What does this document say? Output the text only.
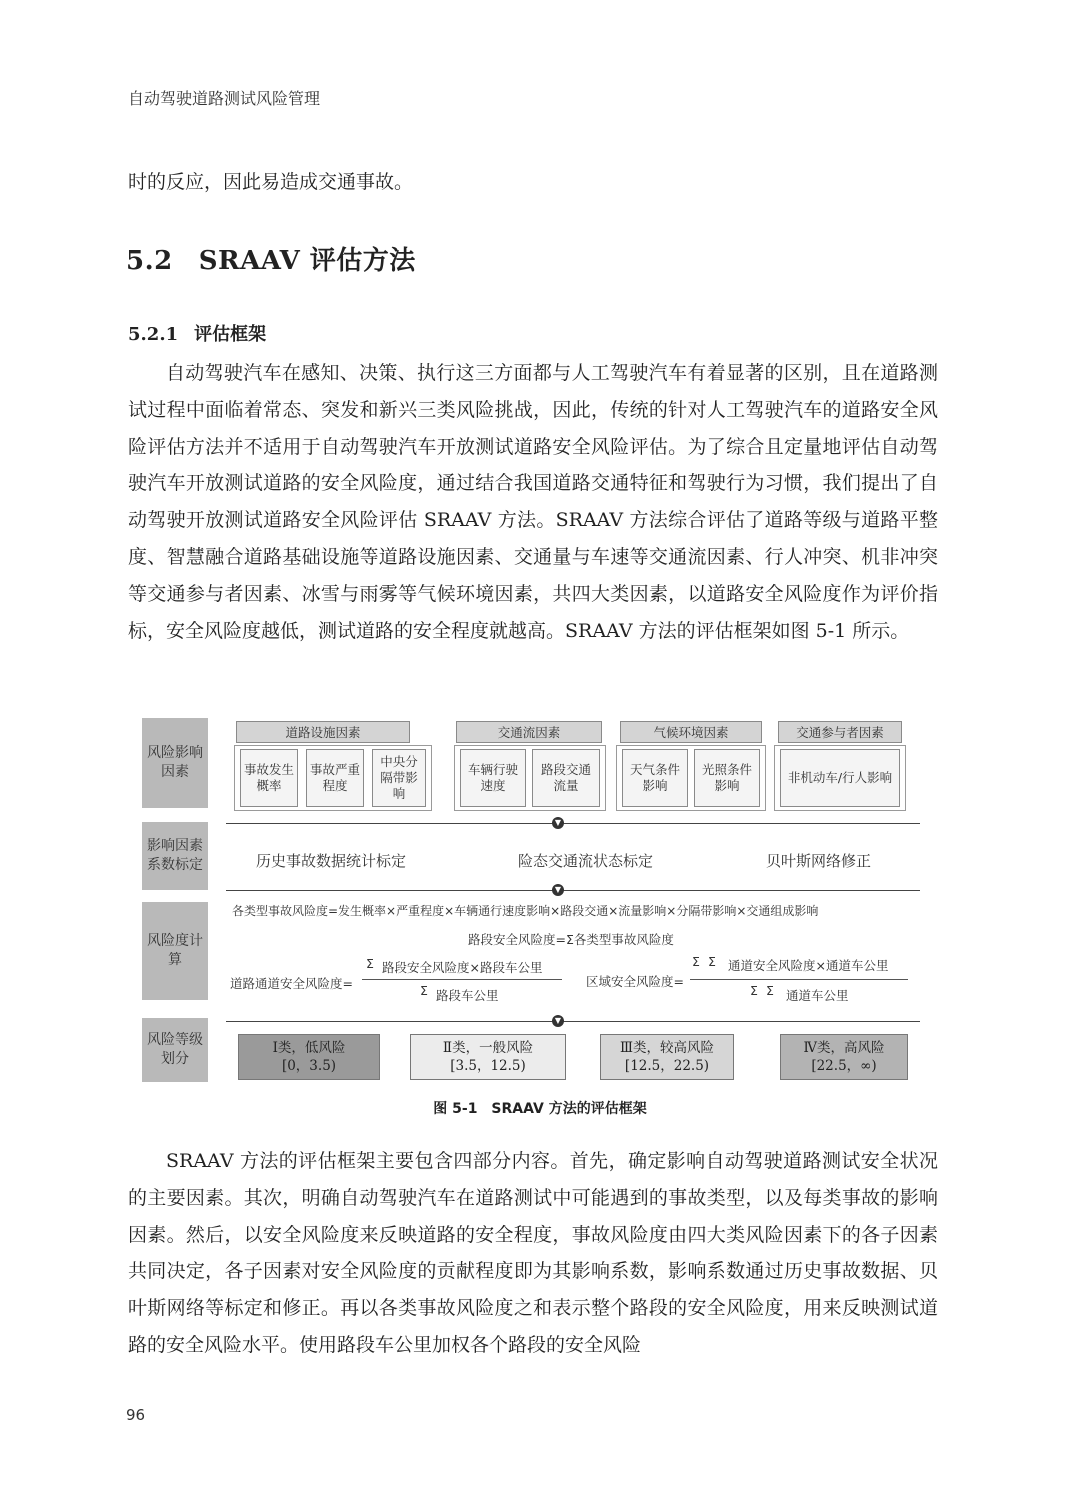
自动驾驶道路测试风险管理

时的反应，因此易造成交通事故。

5.2 SRAAV 评估方法
5.2.1 评估框架

自动驾驶汽车在感知、决策、执行这三方面都与人工驾驶汽车有着显著的区别，且在道路测试过程中面临着常态、突发和新兴三类风险挑战，因此，传统的针对人工驾驶汽车的道路安全风险评估方法并不适用于自动驾驶汽车开放测试道路安全风险评估。为了综合且定量地评估自动驾驶汽车开放测试道路的安全风险度，通过结合我国道路交通特征和驾驶行为习惯，我们提出了自动驾驶开放测试道路安全风险评估 SRAAV 方法。SRAAV 方法综合评估了道路等级与道路平整度、智慧融合道路基础设施等道路设施因素、交通量与车速等交通流因素、行人冲突、机非冲突等交通参与者因素、冰雪与雨雾等气候环境因素，共四大类因素，以道路安全风险度作为评价指标，安全风险度越低，测试道路的安全程度就越高。SRAAV 方法的评估框架如图 5-1 所示。

风险影响因素
影响因素系数标定
风险度计算
风险等级划分
道路设施因素	交通流因素	气候环境因素	交通参与者因素
事故发生概率
事故严重程度
中央分隔带影响
车辆行驶速度
路段交通流量
天气条件影响
光照条件影响
非机动车/行人影响
▼
▼
▼
历史事故数据统计标定	险态交通流状态标定	贝叶斯网络修正
各类型事故风险度=发生概率×严重程度×车辆通行速度影响×路段交通×流量影响×分隔带影响×交通组成影响
路段安全风险度=Σ各类型事故风险度
道路通道安全风险度=
Σ 路段安全风险度×路段车公里
Σ 路段车公里
区域安全风险度=
Σ Σ 通道安全风险度×通道车公里
Σ Σ 通道车公里
Ⅰ类，低风险
[0，3.5)
Ⅱ类，一般风险
[3.5，12.5)
Ⅲ类，较高风险
[12.5，22.5)
Ⅳ类，高风险
[22.5，∞)
图 5-1　SRAAV 方法的评估框架

SRAAV 方法的评估框架主要包含四部分内容。首先，确定影响自动驾驶道路测试安全状况的主要因素。其次，明确自动驾驶汽车在道路测试中可能遇到的事故类型，以及每类事故的影响因素。然后，以安全风险度来反映道路的安全程度，事故风险度由四大类风险因素下的各子因素共同决定，各子因素对安全风险度的贡献程度即为其影响系数，影响系数通过历史事故数据、贝叶斯网络等标定和修正。再以各类事故风险度之和表示整个路段的安全风险度，用来反映测试道路的安全风险水平。使用路段车公里加权各个路段的安全风险

96
